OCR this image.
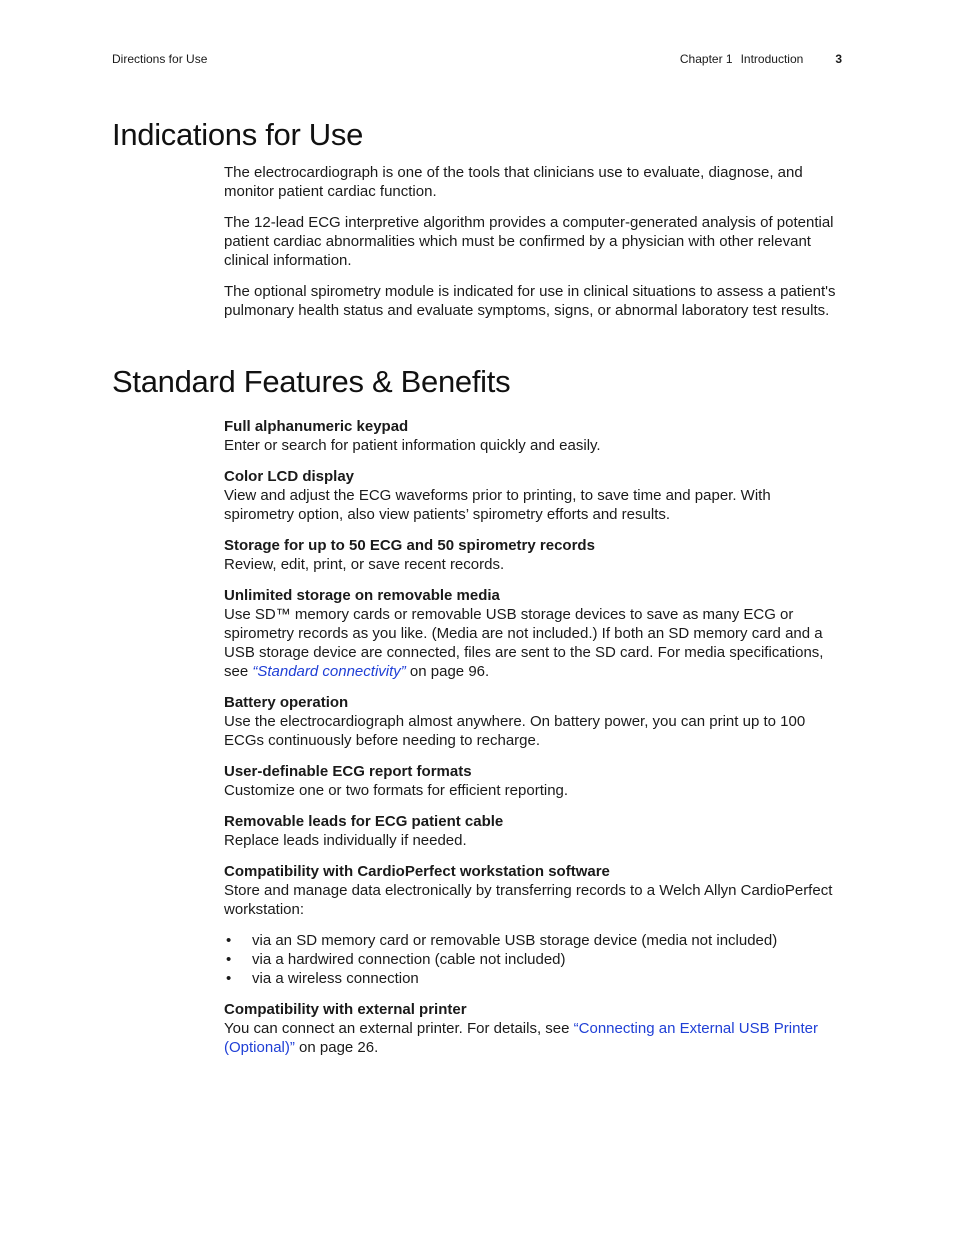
Directions for Use	Chapter 1 Introduction	3
Indications for Use

The electrocardiograph is one of the tools that clinicians use to evaluate, diagnose, and monitor patient cardiac function.

The 12-lead ECG interpretive algorithm provides a computer-generated analysis of potential patient cardiac abnormalities which must be confirmed by a physician with other relevant clinical information.

The optional spirometry module is indicated for use in clinical situations to assess a patient's pulmonary health status and evaluate symptoms, signs, or abnormal laboratory test results.

Standard Features & Benefits
Full alphanumeric keypad
Enter or search for patient information quickly and easily.
Color LCD display
View and adjust the ECG waveforms prior to printing, to save time and paper. With spirometry option, also view patients’ spirometry efforts and results.
Storage for up to 50 ECG and 50 spirometry records
Review, edit, print, or save recent records.
Unlimited storage on removable media
Use SD™ memory cards or removable USB storage devices to save as many ECG or spirometry records as you like. (Media are not included.) If both an SD memory card and a USB storage device are connected, files are sent to the SD card. For media specifications, see “Standard connectivity” on page 96.
Battery operation
Use the electrocardiograph almost anywhere. On battery power, you can print up to 100 ECGs continuously before needing to recharge.
User-definable ECG report formats
Customize one or two formats for efficient reporting.
Removable leads for ECG patient cable
Replace leads individually if needed.
Compatibility with CardioPerfect workstation software
Store and manage data electronically by transferring records to a Welch Allyn CardioPerfect workstation:
• via an SD memory card or removable USB storage device (media not included)
• via a hardwired connection (cable not included)
• via a wireless connection
Compatibility with external printer
You can connect an external printer. For details, see “Connecting an External USB Printer (Optional)” on page 26.
